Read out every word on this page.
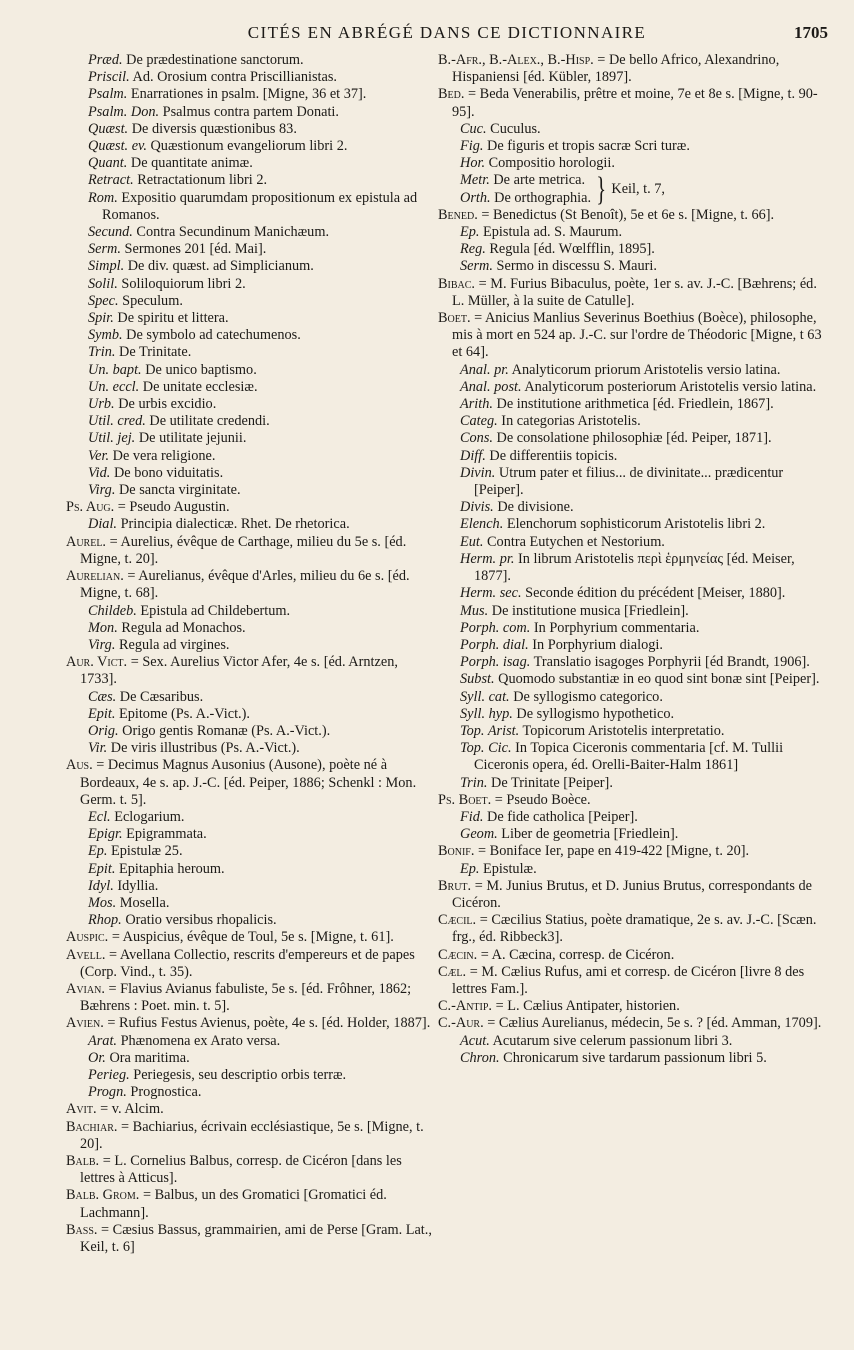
CITÉS EN ABRÉGÉ DANS CE DICTIONNAIRE	1705

Præd. De prædestinatione sanctorum.

Priscil. Ad. Orosium contra Priscillianistas.

Psalm. Enarrationes in psalm. [Migne, 36 et 37].

Psalm. Don. Psalmus contra partem Donati.

Quæst. De diversis quæstionibus 83.

Quæst. ev. Quæstionum evangeliorum libri 2.

Quant. De quantitate animæ.

Retract. Retractationum libri 2.

Rom. Expositio quarumdam propositionum ex epistula ad Romanos.

Secund. Contra Secundinum Manichæum.

Serm. Sermones 201 [éd. Mai].

Simpl. De div. quæst. ad Simplicianum.

Solil. Soliloquiorum libri 2.

Spec. Speculum.

Spir. De spiritu et littera.

Symb. De symbolo ad catechumenos.

Trin. De Trinitate.

Un. bapt. De unico baptismo.

Un. eccl. De unitate ecclesiæ.

Urb. De urbis excidio.

Util. cred. De utilitate credendi.

Util. jej. De utilitate jejunii.

Ver. De vera religione.

Vid. De bono viduitatis.

Virg. De sancta virginitate.

Ps. Aug. = Pseudo Augustin.

Dial. Principia dialecticæ. Rhet. De rhetorica.

Aurel. = Aurelius, évêque de Carthage, milieu du 5e s. [éd. Migne, t. 20].

Aurelian. = Aurelianus, évêque d'Arles, milieu du 6e s. [éd. Migne, t. 68].

Childeb. Epistula ad Childebertum.

Mon. Regula ad Monachos.

Virg. Regula ad virgines.

Aur. Vict. = Sex. Aurelius Victor Afer, 4e s. [éd. Arntzen, 1733].

Cæs. De Cæsaribus.

Epit. Epitome (Ps. A.-Vict.).

Orig. Origo gentis Romanæ (Ps. A.-Vict.).

Vir. De viris illustribus (Ps. A.-Vict.).

Aus. = Decimus Magnus Ausonius (Ausone), poète né à Bordeaux, 4e s. ap. J.-C. [éd. Peiper, 1886; Schenkl : Mon. Germ. t. 5].

Ecl. Eclogarium.

Epigr. Epigrammata.

Ep. Epistulæ 25.

Epit. Epitaphia heroum.

Idyl. Idyllia.

Mos. Mosella.

Rhop. Oratio versibus rhopalicis.

Auspic. = Auspicius, évêque de Toul, 5e s. [Migne, t. 61].

Avell. = Avellana Collectio, rescrits d'empereurs et de papes (Corp. Vind., t. 35).

Avian. = Flavius Avianus fabuliste, 5e s. [éd. Frôhner, 1862; Bæhrens : Poet. min. t. 5].

Avien. = Rufius Festus Avienus, poète, 4e s. [éd. Holder, 1887].

Arat. Phænomena ex Arato versa.

Or. Ora maritima.

Perieg. Periegesis, seu descriptio orbis terræ.

Progn. Prognostica.

Avit. = v. Alcim.

Bachiar. = Bachiarius, écrivain ecclésiastique, 5e s. [Migne, t. 20].

Balb. = L. Cornelius Balbus, corresp. de Cicéron [dans les lettres à Atticus].

Balb. Grom. = Balbus, un des Gromatici [Gromatici éd. Lachmann].

Bass. = Cæsius Bassus, grammairien, ami de Perse [Gram. Lat., Keil, t. 6]

B.-Afr., B.-Alex., B.-Hisp. = De bello Africo, Alexandrino, Hispaniensi [éd. Kübler, 1897].

Bed. = Beda Venerabilis, prêtre et moine, 7e et 8e s. [Migne, t. 90-95].

Cuc. Cuculus.

Fig. De figuris et tropis sacræ Scri turæ.

Hor. Compositio horologii.

Metr. De arte metrica.
Orth. De orthographia. } Keil, t. 7,

Bened. = Benedictus (St Benoît), 5e et 6e s. [Migne, t. 66].

Ep. Epistula ad. S. Maurum.

Reg. Regula [éd. Wœlfflin, 1895].

Serm. Sermo in discessu S. Mauri.

Bibac. = M. Furius Bibaculus, poète, 1er s. av. J.-C. [Bæhrens; éd. L. Müller, à la suite de Catulle].

Boet. = Anicius Manlius Severinus Boethius (Boèce), philosophe, mis à mort en 524 ap. J.-C. sur l'ordre de Théodoric [Migne, t 63 et 64].

Anal. pr. Analyticorum priorum Aristotelis versio latina.

Anal. post. Analyticorum posteriorum Aristotelis versio latina.

Arith. De institutione arithmetica [éd. Friedlein, 1867].

Categ. In categorias Aristotelis.

Cons. De consolatione philosophiæ [éd. Peiper, 1871].

Diff. De differentiis topicis.

Divin. Utrum pater et filius... de divinitate... prædicentur [Peiper].

Divis. De divisione.

Elench. Elenchorum sophisticorum Aristotelis libri 2.

Eut. Contra Eutychen et Nestorium.

Herm. pr. In librum Aristotelis περὶ ἑρμηνείας [éd. Meiser, 1877].

Herm. sec. Seconde édition du précédent [Meiser, 1880].

Mus. De institutione musica [Friedlein].

Porph. com. In Porphyrium commentaria.

Porph. dial. In Porphyrium dialogi.

Porph. isag. Translatio isagoges Porphyrii [éd Brandt, 1906].

Subst. Quomodo substantiæ in eo quod sint bonæ sint [Peiper].

Syll. cat. De syllogismo categorico.

Syll. hyp. De syllogismo hypothetico.

Top. Arist. Topicorum Aristotelis interpretatio.

Top. Cic. In Topica Ciceronis commentaria [cf. M. Tullii Ciceronis opera, éd. Orelli-Baiter-Halm 1861]

Trin. De Trinitate [Peiper].

Ps. Boet. = Pseudo Boèce.

Fid. De fide catholica [Peiper].

Geom. Liber de geometria [Friedlein].

Bonif. = Boniface Ier, pape en 419-422 [Migne, t. 20].

Ep. Epistulæ.

Brut. = M. Junius Brutus, et D. Junius Brutus, correspondants de Cicéron.

Cæcil. = Cæcilius Statius, poète dramatique, 2e s. av. J.-C. [Scæn. frg., éd. Ribbeck3].

Cæcin. = A. Cæcina, corresp. de Cicéron.

Cæl. = M. Cælius Rufus, ami et corresp. de Cicéron [livre 8 des lettres Fam.].

C.-Antip. = L. Cælius Antipater, historien.

C.-Aur. = Cælius Aurelianus, médecin, 5e s. ? [éd. Amman, 1709].

Acut. Acutarum sive celerum passionum libri 3.

Chron. Chronicarum sive tardarum passionum libri 5.
